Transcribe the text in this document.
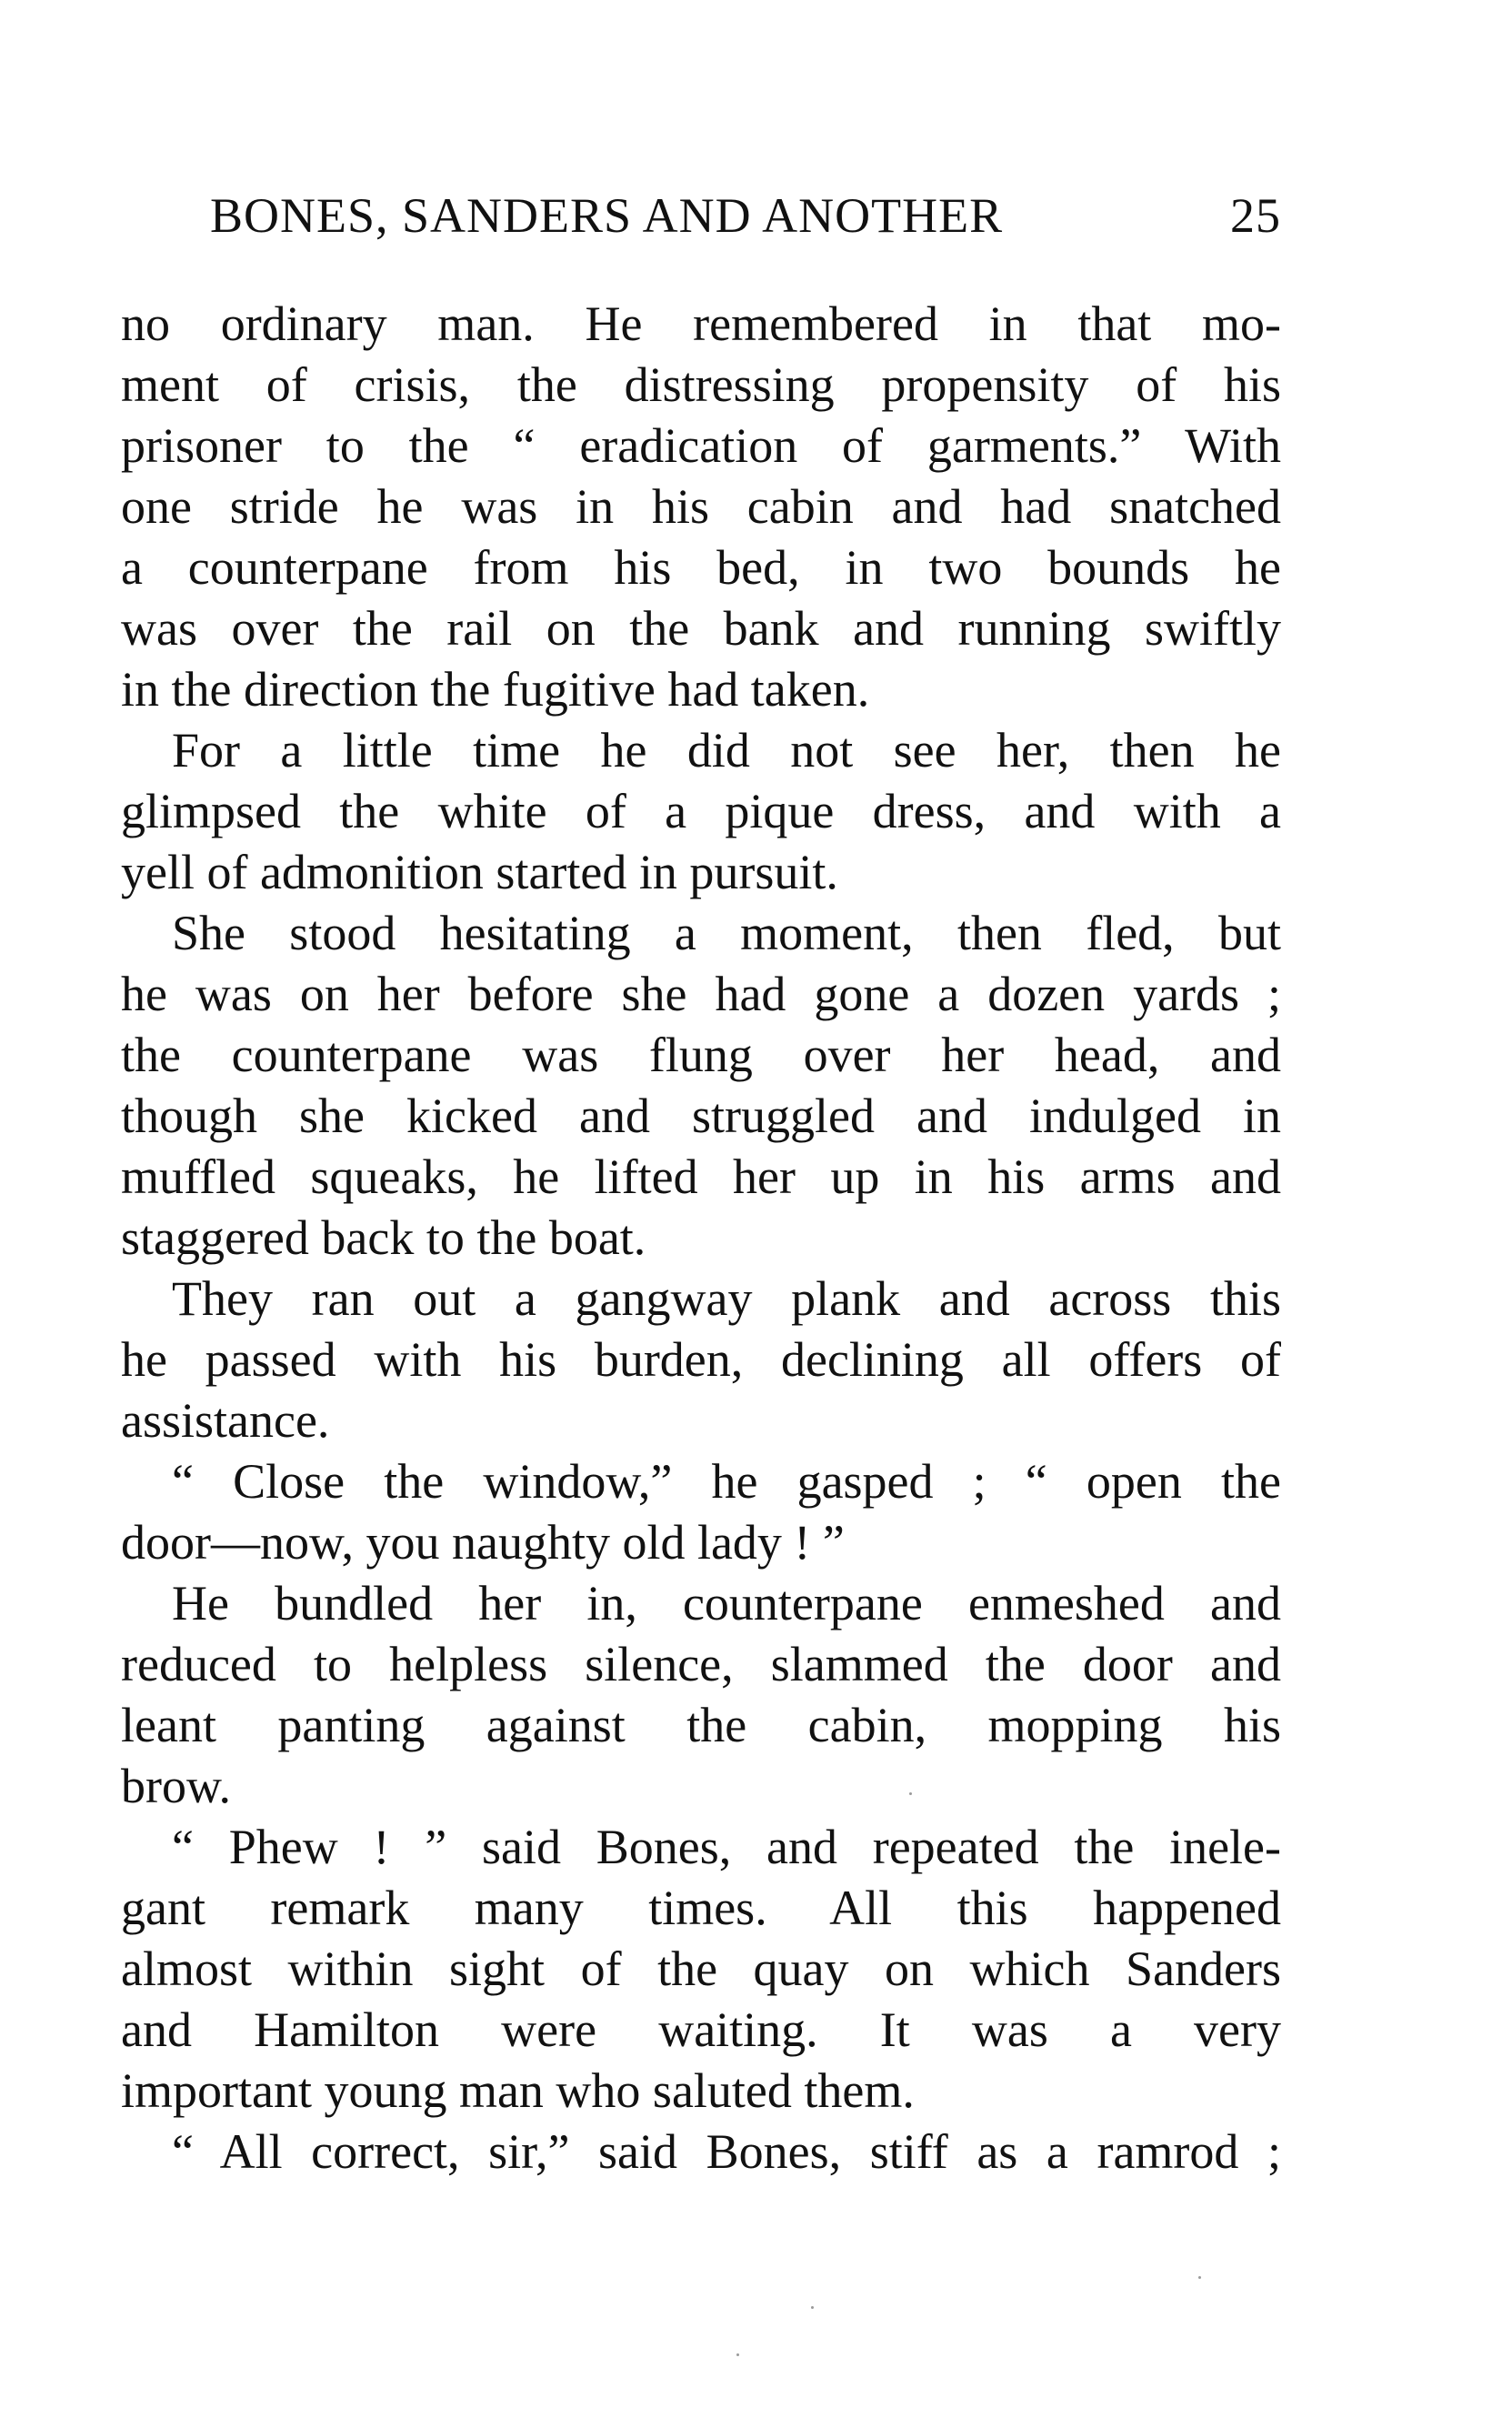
BONES, SANDERS AND ANOTHER	25
no ordinary man. He remembered in that mo-
ment of crisis, the distressing propensity of his
prisoner to the “ eradication of garments.” With
one stride he was in his cabin and had snatched
a counterpane from his bed, in two bounds he
was over the rail on the bank and running swiftly
in the direction the fugitive had taken.
For a little time he did not see her, then he
glimpsed the white of a pique dress, and with a
yell of admonition started in pursuit.
She stood hesitating a moment, then fled, but
he was on her before she had gone a dozen yards ;
the counterpane was flung over her head, and
though she kicked and struggled and indulged in
muffled squeaks, he lifted her up in his arms and
staggered back to the boat.
They ran out a gangway plank and across this
he passed with his burden, declining all offers of
assistance.
“ Close the window,” he gasped ; “ open the
door—now, you naughty old lady ! ”
He bundled her in, counterpane enmeshed and
reduced to helpless silence, slammed the door and
leant panting against the cabin, mopping his
brow.
“ Phew ! ” said Bones, and repeated the inele-
gant remark many times. All this happened
almost within sight of the quay on which Sanders
and Hamilton were waiting. It was a very
important young man who saluted them.
“ All correct, sir,” said Bones, stiff as a ramrod ;
